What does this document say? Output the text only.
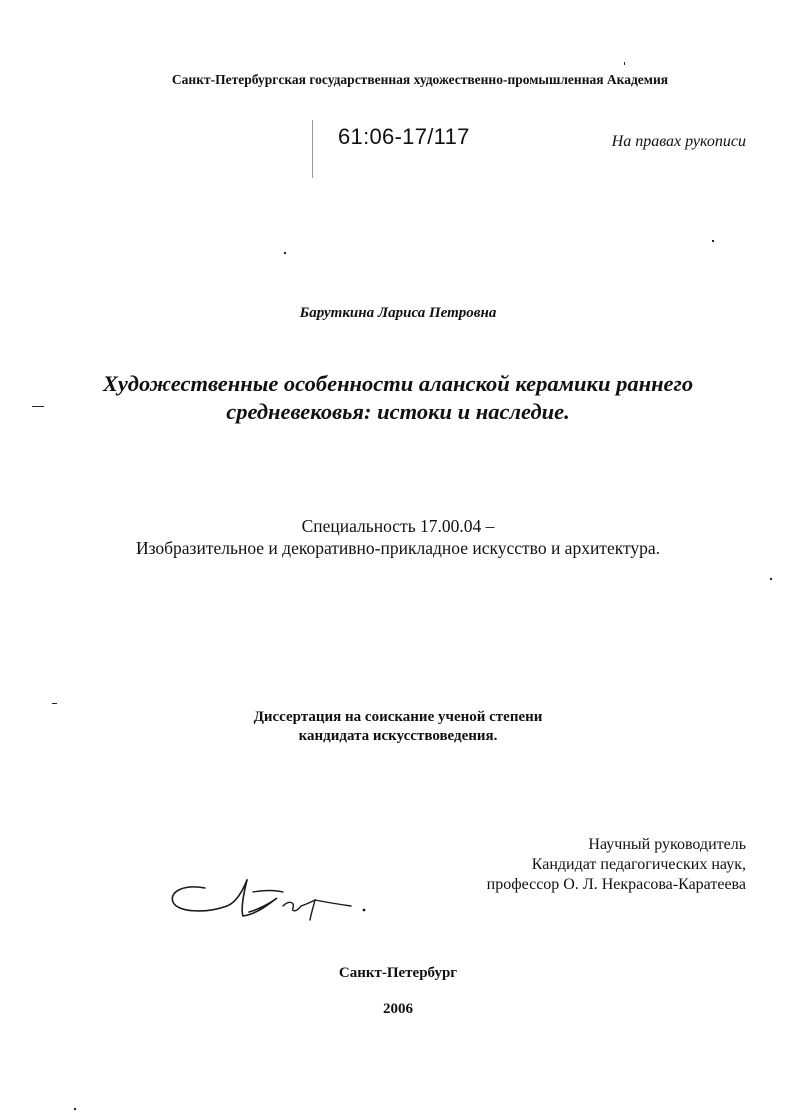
Санкт-Петербургская государственная художественно-промышленная Академия
61:06-17/117	На правах рукописи
Баруткина Лариса Петровна
Художественные особенности аланской керамики раннего
средневековья: истоки и наследие.
Специальность 17.00.04 –
Изобразительное и декоративно-прикладное искусство и архитектура.
Диссертация на соискание ученой степени
кандидата искусствоведения.
Научный руководитель
Кандидат педагогических наук,
профессор О. Л. Некрасова-Каратеева
Санкт-Петербург
2006
